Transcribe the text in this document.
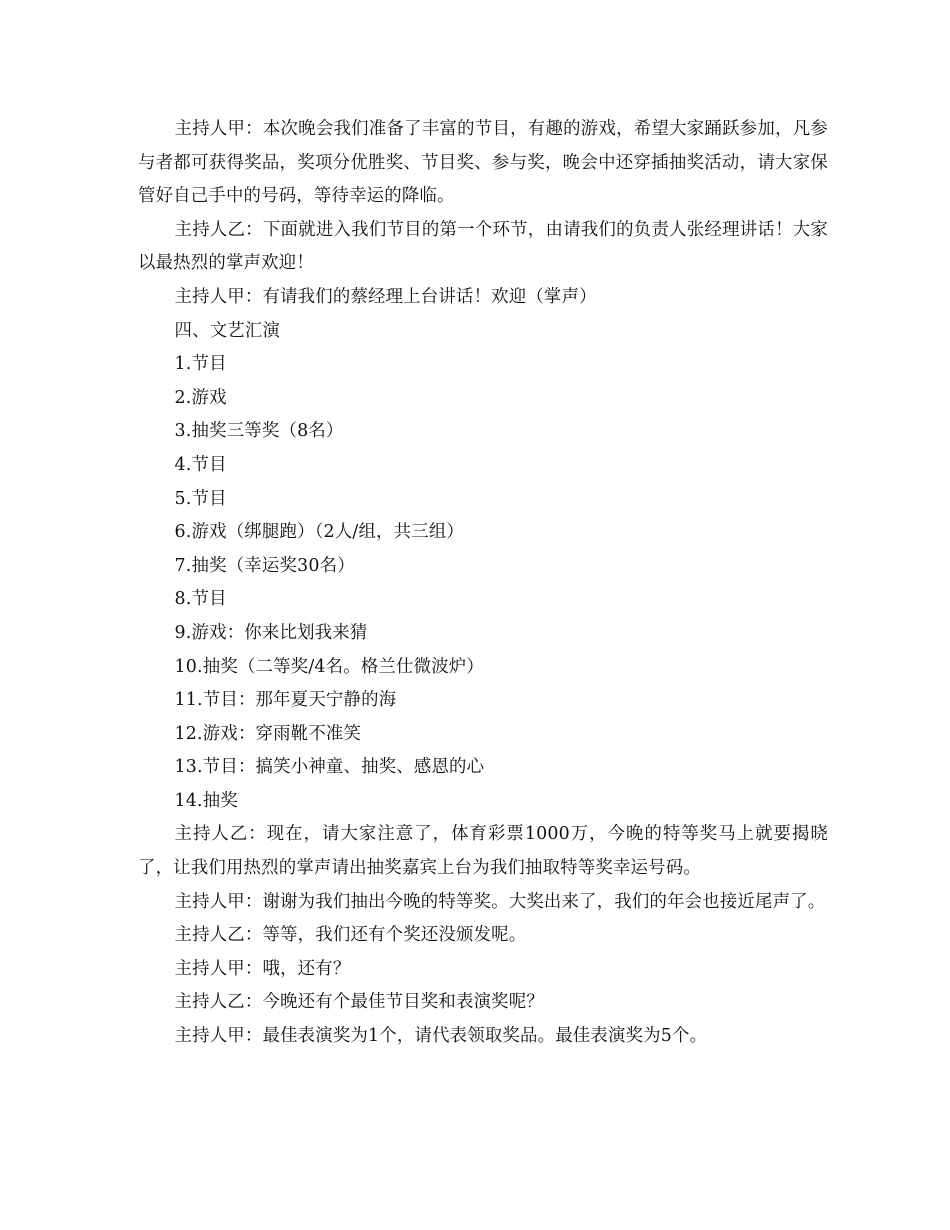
主持人甲：本次晚会我们准备了丰富的节目，有趣的游戏，希望大家踊跃参加，凡参与者都可获得奖品，奖项分优胜奖、节目奖、参与奖，晚会中还穿插抽奖活动，请大家保管好自己手中的号码，等待幸运的降临。

主持人乙：下面就进入我们节目的第一个环节，由请我们的负责人张经理讲话！大家以最热烈的掌声欢迎！

主持人甲：有请我们的蔡经理上台讲话！欢迎（掌声）

四、文艺汇演

1.节目

2.游戏

3.抽奖三等奖（8名）

4.节目

5.节目

6.游戏（绑腿跑）（2人/组，共三组）

7.抽奖（幸运奖30名）

8.节目

9.游戏：你来比划我来猜

10.抽奖（二等奖/4名。格兰仕微波炉）

11.节目：那年夏天宁静的海

12.游戏：穿雨靴不准笑

13.节目：搞笑小神童、抽奖、感恩的心

14.抽奖

主持人乙：现在，请大家注意了，体育彩票1000万，今晚的特等奖马上就要揭晓了，让我们用热烈的掌声请出抽奖嘉宾上台为我们抽取特等奖幸运号码。

主持人甲：谢谢为我们抽出今晚的特等奖。大奖出来了，我们的年会也接近尾声了。

主持人乙：等等，我们还有个奖还没颁发呢。

主持人甲：哦，还有？

主持人乙：今晚还有个最佳节目奖和表演奖呢？

主持人甲：最佳表演奖为1个，请代表领取奖品。最佳表演奖为5个。
